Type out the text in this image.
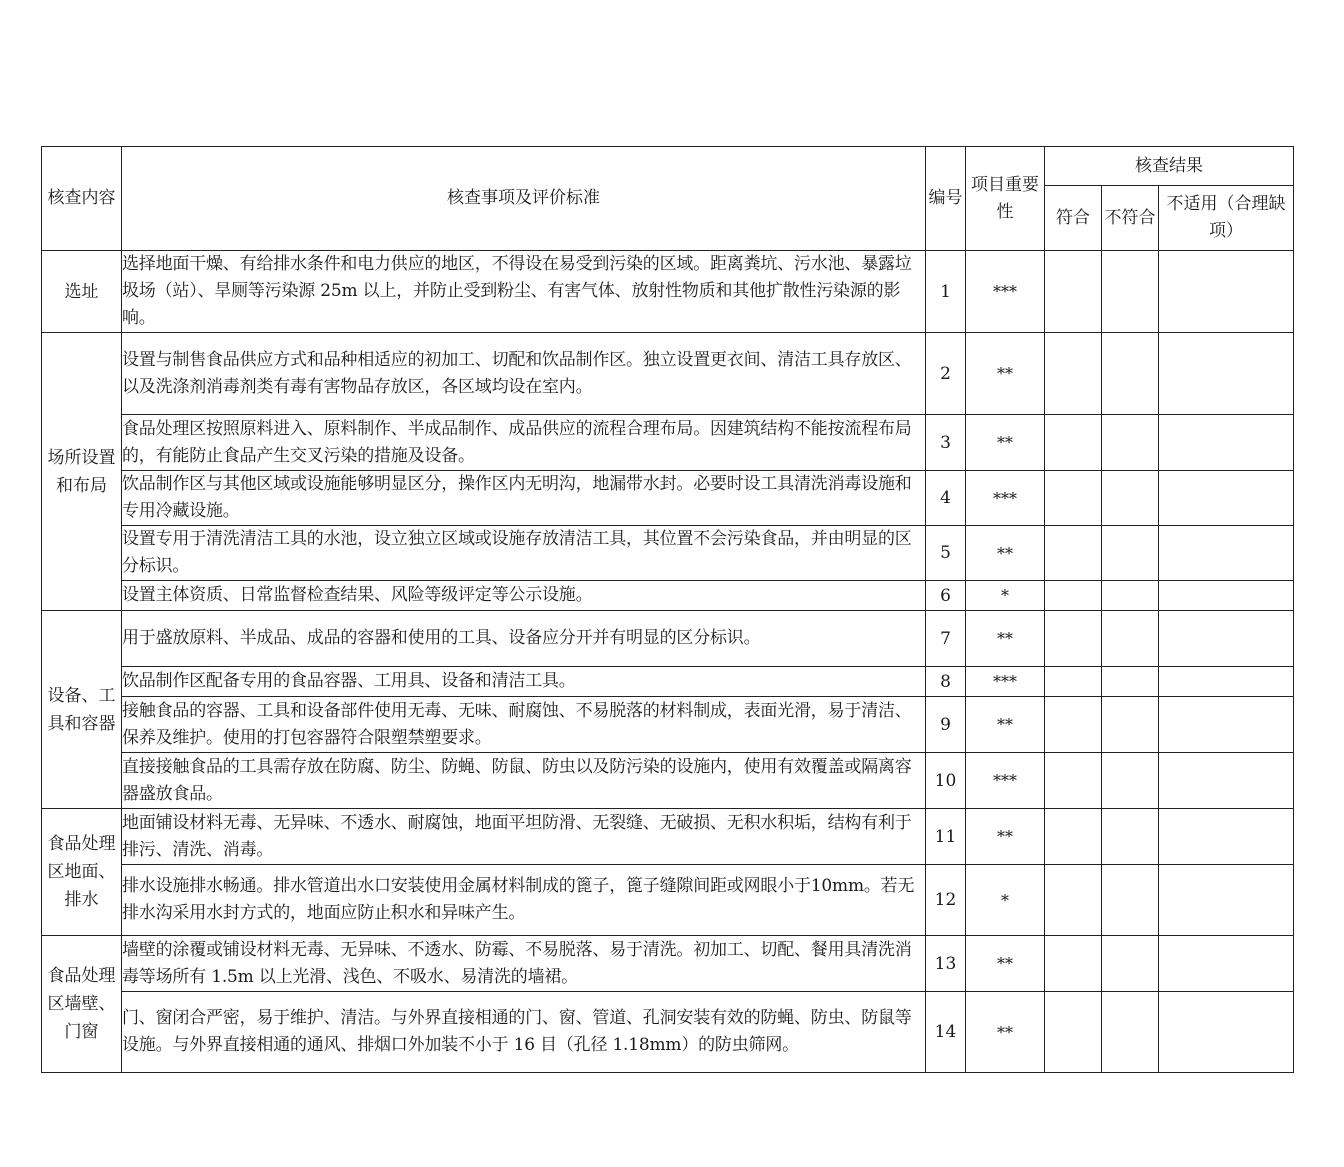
核查内容	核查事项及评价标准	编号	项目重要性	核查结果		
				符合	不符合	不适用（合理缺项）
选址	选择地面干燥、有给排水条件和电力供应的地区，不得设在易受到污染的区域。距离粪坑、污水池、暴露垃圾场（站）、旱厕等污染源 25m 以上，并防止受到粉尘、有害气体、放射性物质和其他扩散性污染源的影响。	1	***			
场所设置和布局	设置与制售食品供应方式和品种相适应的初加工、切配和饮品制作区。独立设置更衣间、清洁工具存放区、以及洗涤剂消毒剂类有毒有害物品存放区，各区域均设在室内。	2	**			
	食品处理区按照原料进入、原料制作、半成品制作、成品供应的流程合理布局。因建筑结构不能按流程布局的，有能防止食品产生交叉污染的措施及设备。	3	**			
	饮品制作区与其他区域或设施能够明显区分，操作区内无明沟，地漏带水封。必要时设工具清洗消毒设施和专用冷藏设施。	4	***			
	设置专用于清洗清洁工具的水池，设立独立区域或设施存放清洁工具，其位置不会污染食品，并由明显的区分标识。	5	**			
	设置主体资质、日常监督检查结果、风险等级评定等公示设施。	6	*			
设备、工具和容器	用于盛放原料、半成品、成品的容器和使用的工具、设备应分开并有明显的区分标识。	7	**			
	饮品制作区配备专用的食品容器、工用具、设备和清洁工具。	8	***			
	接触食品的容器、工具和设备部件使用无毒、无味、耐腐蚀、不易脱落的材料制成，表面光滑，易于清洁、保养及维护。使用的打包容器符合限塑禁塑要求。	9	**			
	直接接触食品的工具需存放在防腐、防尘、防蝇、防鼠、防虫以及防污染的设施内，使用有效覆盖或隔离容器盛放食品。	10	***			
食品处理区地面、排水	地面铺设材料无毒、无异味、不透水、耐腐蚀，地面平坦防滑、无裂缝、无破损、无积水积垢，结构有利于排污、清洗、消毒。	11	**			
	排水设施排水畅通。排水管道出水口安装使用金属材料制成的篦子，篦子缝隙间距或网眼小于10mm。若无排水沟采用水封方式的，地面应防止积水和异味产生。	12	*			
食品处理区墙壁、门窗	墙壁的涂覆或铺设材料无毒、无异味、不透水、防霉、不易脱落、易于清洗。初加工、切配、餐用具清洗消毒等场所有 1.5m 以上光滑、浅色、不吸水、易清洗的墙裙。	13	**			
	门、窗闭合严密，易于维护、清洁。与外界直接相通的门、窗、管道、孔洞安装有效的防蝇、防虫、防鼠等设施。与外界直接相通的通风、排烟口外加装不小于 16 目（孔径 1.18mm）的防虫筛网。	14	**			
